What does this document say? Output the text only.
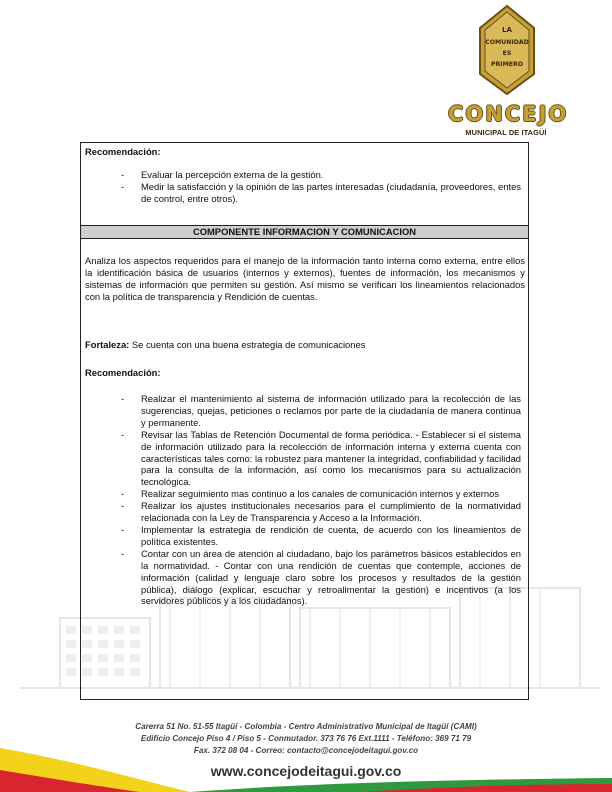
LA
COMUNIDAD
ES
PRIMERO
CONCEJO
MUNICIPAL DE ITAGÜÍ
Recomendación:
- Evaluar la percepción externa de la gestión.
- Medir la satisfacción y la opinión de las partes interesadas (ciudadanía, proveedores, entes de control, entre otros).
COMPONENTE INFORMACION Y COMUNICACION
Analiza los aspectos requeridos para el manejo de la información tanto interna como externa, entre ellos la identificación básica de usuarios (internos y externos), fuentes de información, los mecanismos y sistemas de información que permiten su gestión. Así mismo se verifican los lineamientos relacionados con la política de transparencia y Rendición de cuentas.
Fortaleza: Se cuenta con una buena estrategia de comunicaciones
Recomendación:
- Realizar el mantenimiento al sistema de información utilizado para la recolección de las sugerencias, quejas, peticiones o reclamos por parte de la ciudadanía de manera continua y permanente.
- Revisar las Tablas de Retención Documental de forma periódica. - Establecer si el sistema de información utilizado para la recolección de información interna y externa cuenta con características tales como: la robustez para mantener la integridad, confiabilidad y facilidad para la consulta de la información, así como los mecanismos para su actualización tecnológica.
- Realizar seguimiento mas continuo a los canales de comunicación internos y externos
- Realizar los ajustes institucionales necesarios para el cumplimiento de la normatividad relacionada con la Ley de Transparencia y Acceso a la Información.
- Implementar la estrategia de rendición de cuenta, de acuerdo con los lineamientos de política existentes.
- Contar con un área de atención al ciudadano, bajo los parámetros básicos establecidos en la normatividad. - Contar con una rendición de cuentas que contemple, acciones de información (calidad y lenguaje claro sobre los procesos y resultados de la gestión pública), diálogo (explicar, escuchar y retroalimentar la gestión) e incentivos (a los servidores públicos y a los ciudadanos).
Carerra 51 No. 51-55 Itagüí - Colombia - Centro Administrativo Municipal de Itagüí (CAMI)
Edificio Concejo Piso 4 / Piso 5 - Conmutador. 373 76 76 Ext.1111 - Teléfono: 369 71 79
Fax. 372 08 04 - Correo: contacto@concejodeitagui.gov.co
www.concejodeitagui.gov.co
